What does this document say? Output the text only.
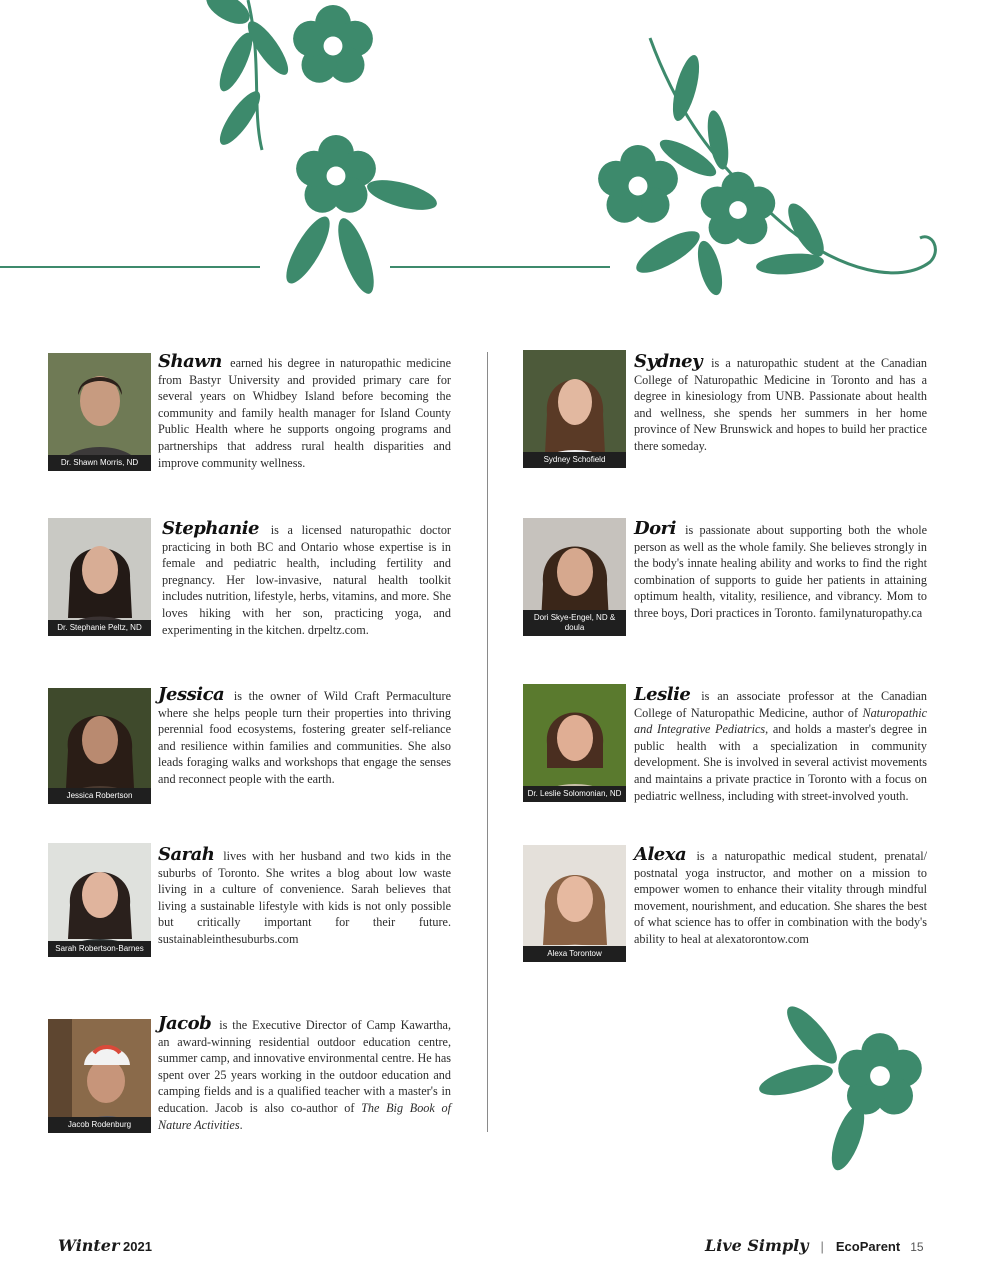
Dr. Shawn Morris, ND
Shawn earned his degree in naturopathic medicine from Bastyr University and provided primary care for several years on Whidbey Island before becoming the community and family health manager for Island County Public Health where he supports ongoing programs and partnerships that address rural health disparities and improve community wellness.
Dr. Stephanie Peltz, ND
Stephanie is a licensed naturopathic doctor practicing in both BC and Ontario whose expertise is in female and pediatric health, including fertility and pregnancy. Her low-invasive, natural health toolkit includes nutrition, lifestyle, herbs, vitamins, and more. She loves hiking with her son, practicing yoga, and experimenting in the kitchen. drpeltz.com.
Jessica Robertson
Jessica is the owner of Wild Craft Permaculture where she helps people turn their properties into thriving perennial food ecosystems, fostering greater self-reliance and resilience within families and communities. She also leads foraging walks and workshops that engage the senses and reconnect people with the earth.
Sarah Robertson-Barnes
Sarah lives with her husband and two kids in the suburbs of Toronto. She writes a blog about low waste living in a culture of convenience. Sarah believes that living a sustainable lifestyle with kids is not only possible but critically important for their future. sustainableinthesuburbs.com
Jacob Rodenburg
Jacob is the Executive Director of Camp Kawartha, an award-winning residential outdoor education centre, summer camp, and innovative environmental centre. He has spent over 25 years working in the outdoor education and camping fields and is a qualified teacher with a master's in education. Jacob is also co-author of The Big Book of Nature Activities.
Sydney Schofield
Sydney is a naturopathic student at the Canadian College of Naturopathic Medicine in Toronto and has a degree in kinesiology from UNB. Passionate about health and wellness, she spends her summers in her home province of New Brunswick and hopes to build her practice there someday.
Dori Skye-Engel, ND & doula
Dori is passionate about supporting both the whole person as well as the whole family. She believes strongly in the body's innate healing ability and works to find the right combination of supports to guide her patients in attaining optimum health, vitality, resilience, and vibrancy. Mom to three boys, Dori practices in Toronto. familynaturopathy.ca
Dr. Leslie Solomonian, ND
Leslie is an associate professor at the Canadian College of Naturopathic Medicine, author of Naturopathic and Integrative Pediatrics, and holds a master's degree in public health with a specialization in community development. She is involved in several activist movements and maintains a private practice in Toronto with a focus on pediatric wellness, including with street-involved youth.
Alexa Torontow
Alexa is a naturopathic medical student, prenatal/ postnatal yoga instructor, and mother on a mission to empower women to enhance their vitality through mindful movement, nourishment, and education. She shares the best of what science has to offer in combination with the body's ability to heal at alexatorontow.com
Winter 2021	Live Simply | EcoParent 15
